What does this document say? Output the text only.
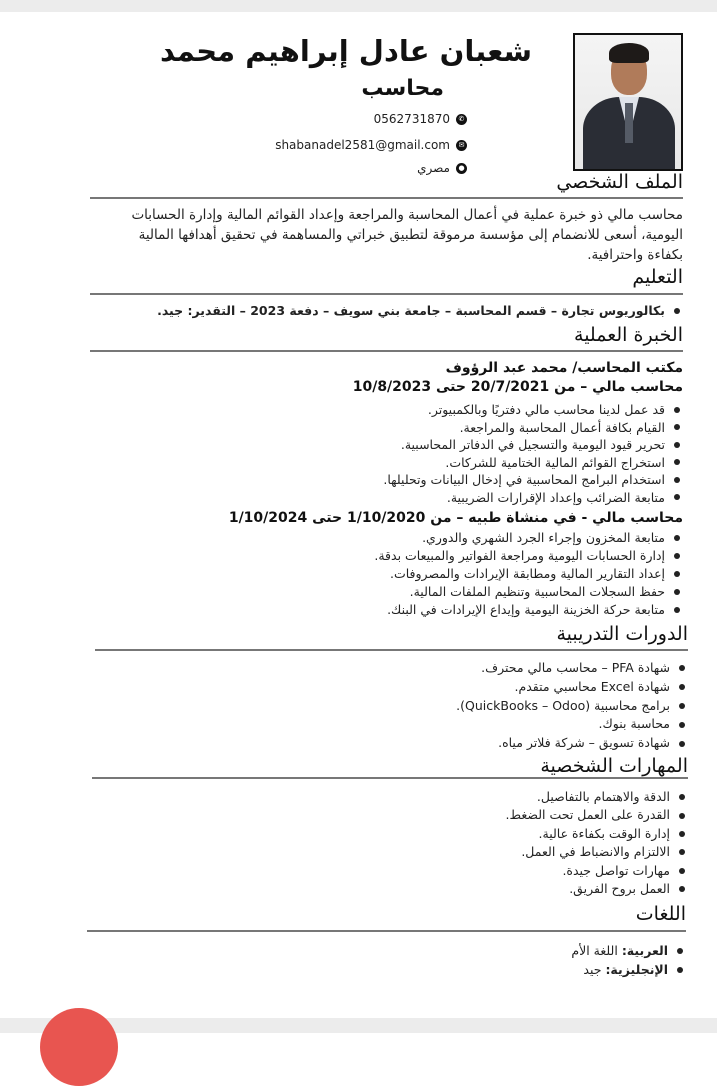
شعبان عادل إبراهيم محمد
محاسب
0562731870	✆
shabanadel2581@gmail.com	✉
مصري	●
الملف الشخصي
محاسب مالي ذو خبرة عملية في أعمال المحاسبة والمراجعة وإعداد القوائم المالية وإدارة الحسابات اليومية، أسعى للانضمام إلى مؤسسة مرموقة لتطبيق خبراتي والمساهمة في تحقيق أهدافها المالية بكفاءة واحترافية.
التعليم
بكالوريوس تجارة – قسم المحاسبة – جامعة بني سويف – دفعة 2023 – التقدير: جيد.
الخبرة العملية
مكتب المحاسب/ محمد عبد الرؤوف
محاسب مالي – من 20/7/2021 حتى 10/8/2023
قد عمل لدينا محاسب مالي دفتريًا وبالكمبيوتر.
القيام بكافة أعمال المحاسبة والمراجعة.
تحرير قيود اليومية والتسجيل في الدفاتر المحاسبية.
استخراج القوائم المالية الختامية للشركات.
استخدام البرامج المحاسبية في إدخال البيانات وتحليلها.
متابعة الضرائب وإعداد الإقرارات الضريبية.
محاسب مالي - في منشاة طبيه – من 1/10/2020 حتى 1/10/2024
متابعة المخزون وإجراء الجرد الشهري والدوري.
إدارة الحسابات اليومية ومراجعة الفواتير والمبيعات بدقة.
إعداد التقارير المالية ومطابقة الإيرادات والمصروفات.
حفظ السجلات المحاسبية وتنظيم الملفات المالية.
متابعة حركة الخزينة اليومية وإيداع الإيرادات في البنك.
الدورات التدريبية
شهادة PFA – محاسب مالي محترف.
شهادة Excel محاسبي متقدم.
برامج محاسبية (QuickBooks – Odoo).
محاسبة بنوك.
شهادة تسويق – شركة فلاتر مياه.
المهارات الشخصية
الدقة والاهتمام بالتفاصيل.
القدرة على العمل تحت الضغط.
إدارة الوقت بكفاءة عالية.
الالتزام والانضباط في العمل.
مهارات تواصل جيدة.
العمل بروح الفريق.
اللغات
العربية: اللغة الأم
الإنجليزية: جيد
